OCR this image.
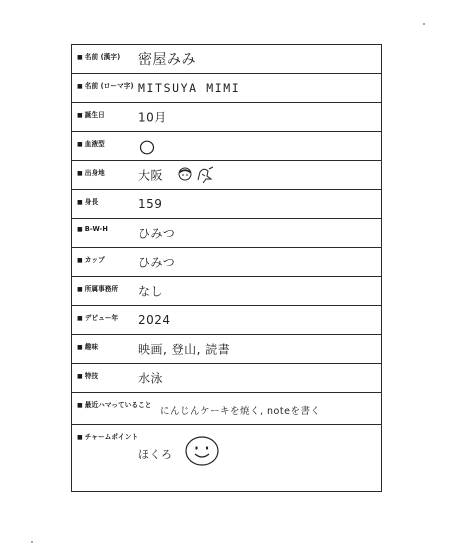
■ 名前 (漢字) 密屋みみ
■ 名前 (ローマ字) MITSUYA MIMI
■ 誕生日	10月
■ 血液型
■ 出身地	大阪
■ 身長	159
■ B-W-H	ひみつ
■ カップ	ひみつ
■ 所属事務所 なし
■ デビュー年 2024
■ 趣味	映画, 登山, 読書
■ 特技	水泳
■ 最近ハマっていること
にんじんケーキを焼く, noteを書く
■ チャームポイント
ほくろ
